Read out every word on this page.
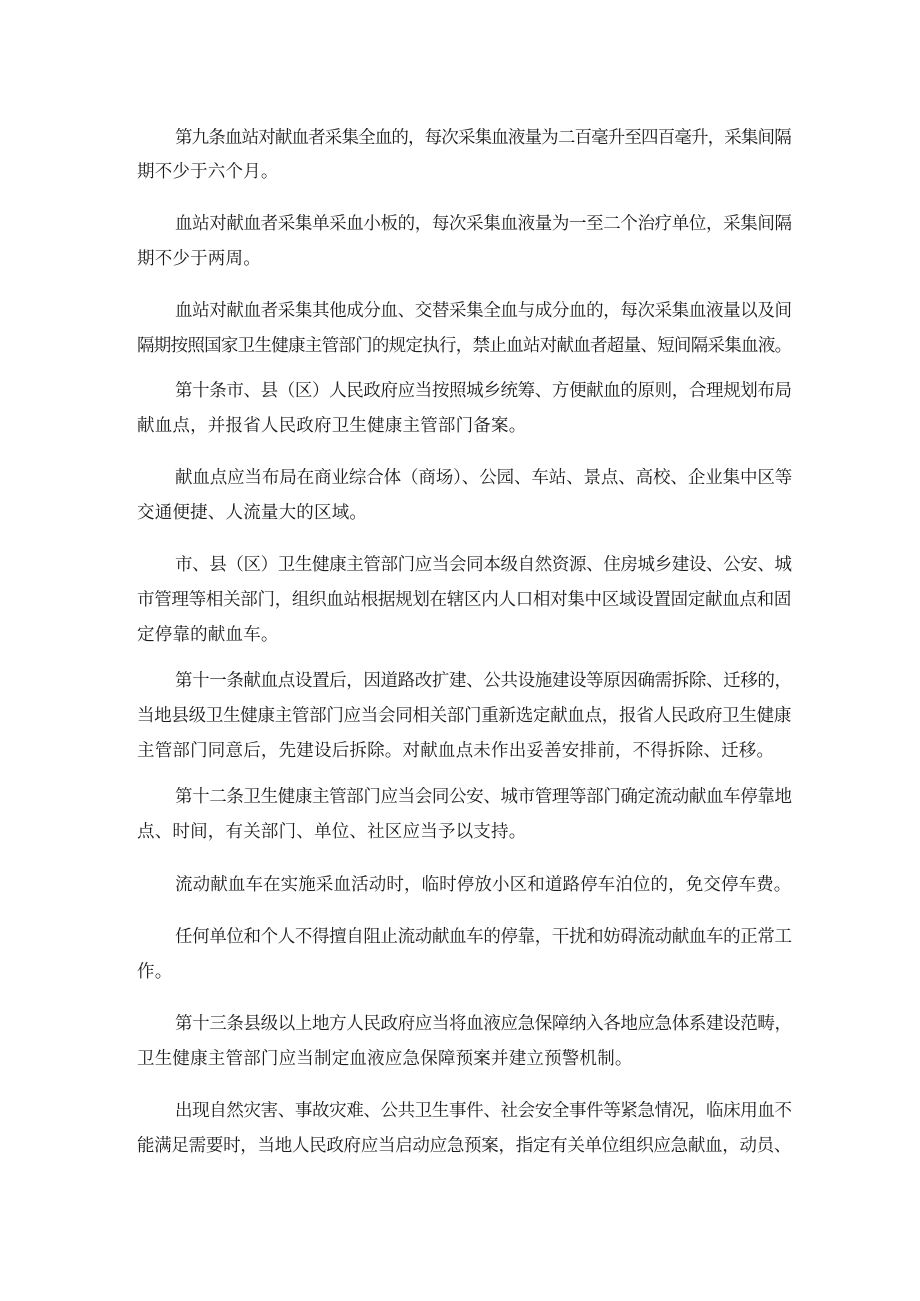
第九条血站对献血者采集全血的，每次采集血液量为二百毫升至四百毫升，采集间隔
期不少于六个月。
血站对献血者采集单采血小板的，每次采集血液量为一至二个治疗单位，采集间隔
期不少于两周。
血站对献血者采集其他成分血、交替采集全血与成分血的，每次采集血液量以及间
隔期按照国家卫生健康主管部门的规定执行，禁止血站对献血者超量、短间隔采集血液。
第十条市、县（区）人民政府应当按照城乡统筹、方便献血的原则，合理规划布局
献血点，并报省人民政府卫生健康主管部门备案。
献血点应当布局在商业综合体（商场）、公园、车站、景点、高校、企业集中区等
交通便捷、人流量大的区域。
市、县（区）卫生健康主管部门应当会同本级自然资源、住房城乡建设、公安、城
市管理等相关部门，组织血站根据规划在辖区内人口相对集中区域设置固定献血点和固
定停靠的献血车。
第十一条献血点设置后，因道路改扩建、公共设施建设等原因确需拆除、迁移的，
当地县级卫生健康主管部门应当会同相关部门重新选定献血点，报省人民政府卫生健康
主管部门同意后，先建设后拆除。对献血点未作出妥善安排前，不得拆除、迁移。
第十二条卫生健康主管部门应当会同公安、城市管理等部门确定流动献血车停靠地
点、时间，有关部门、单位、社区应当予以支持。
流动献血车在实施采血活动时，临时停放小区和道路停车泊位的，免交停车费。
任何单位和个人不得擅自阻止流动献血车的停靠，干扰和妨碍流动献血车的正常工
作。
第十三条县级以上地方人民政府应当将血液应急保障纳入各地应急体系建设范畴，
卫生健康主管部门应当制定血液应急保障预案并建立预警机制。
出现自然灾害、事故灾难、公共卫生事件、社会安全事件等紧急情况，临床用血不
能满足需要时，当地人民政府应当启动应急预案，指定有关单位组织应急献血，动员、
